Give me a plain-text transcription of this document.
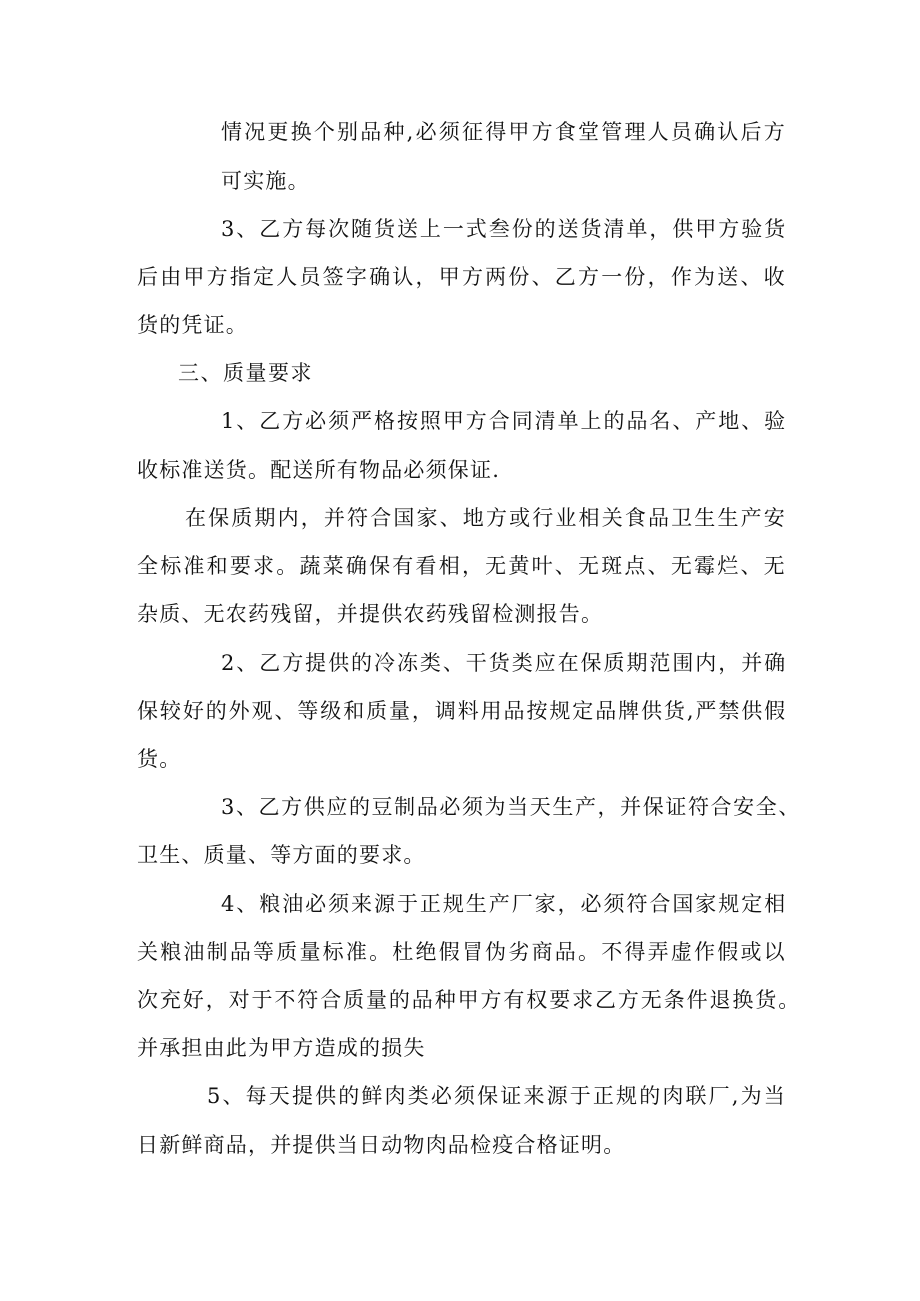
情况更换个别品种,必须征得甲方食堂管理人员确认后方
可实施。
3、乙方每次随货送上一式叁份的送货清单，供甲方验货
后由甲方指定人员签字确认，甲方两份、乙方一份，作为送、收
货的凭证。
三、质量要求
1、乙方必须严格按照甲方合同清单上的品名、产地、验
收标准送货。配送所有物品必须保证.
在保质期内，并符合国家、地方或行业相关食品卫生生产安
全标准和要求。蔬菜确保有看相，无黄叶、无斑点、无霉烂、无
杂质、无农药残留，并提供农药残留检测报告。
2、乙方提供的冷冻类、干货类应在保质期范围内，并确
保较好的外观、等级和质量，调料用品按规定品牌供货,严禁供假
货。
3、乙方供应的豆制品必须为当天生产，并保证符合安全、
卫生、质量、等方面的要求。
4、粮油必须来源于正规生产厂家，必须符合国家规定相
关粮油制品等质量标准。杜绝假冒伪劣商品。不得弄虚作假或以
次充好，对于不符合质量的品种甲方有权要求乙方无条件退换货。
并承担由此为甲方造成的损失
5、每天提供的鲜肉类必须保证来源于正规的肉联厂,为当
日新鲜商品，并提供当日动物肉品检疫合格证明。
